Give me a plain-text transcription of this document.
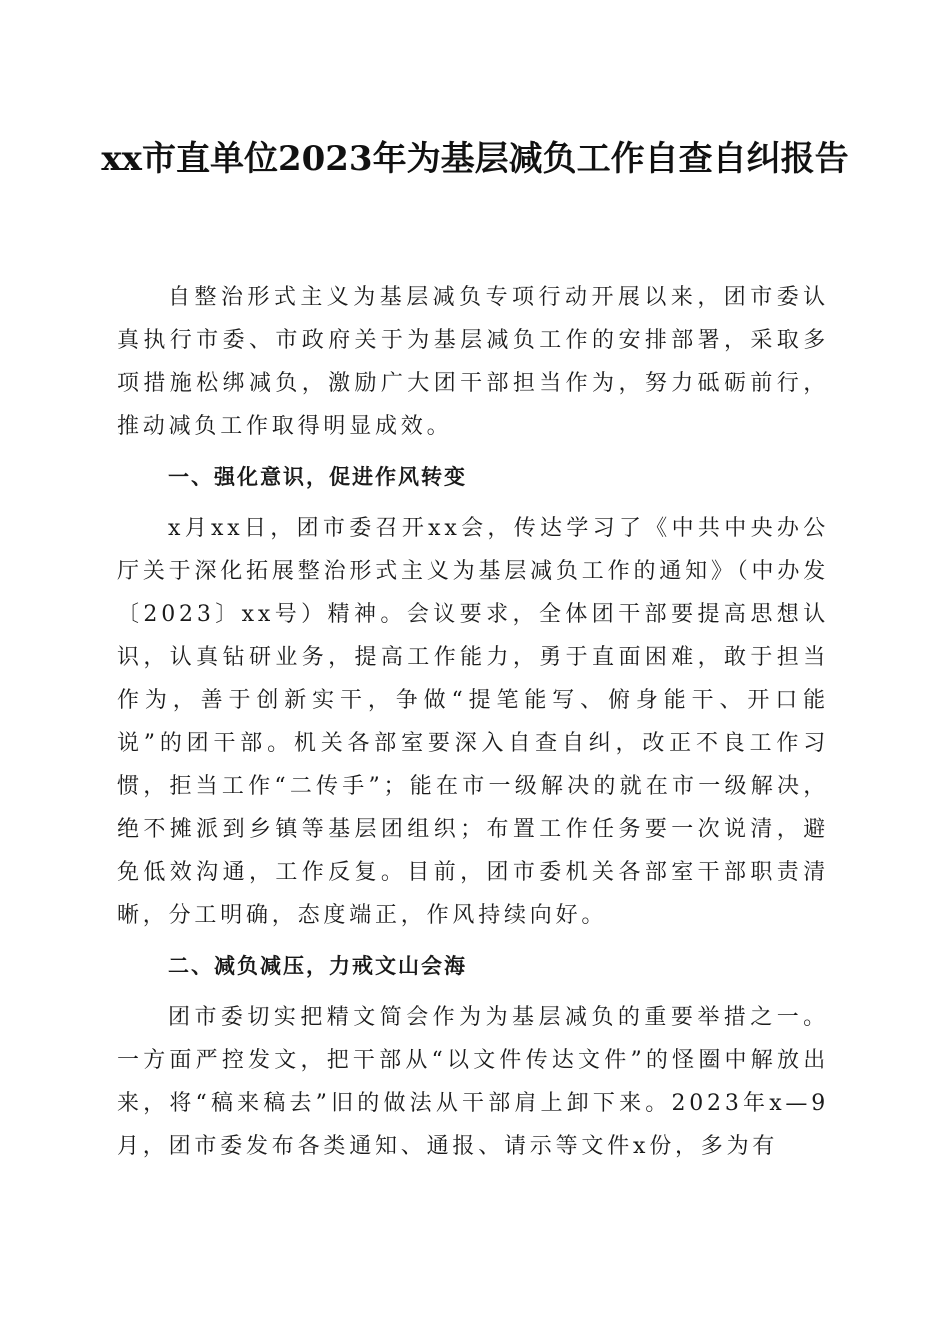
xx市直单位2023年为基层减负工作自查自纠报告

自整治形式主义为基层减负专项行动开展以来，团市委认真执行市委、市政府关于为基层减负工作的安排部署，采取多项措施松绑减负，激励广大团干部担当作为，努力砥砺前行，推动减负工作取得明显成效。

一、强化意识，促进作风转变

x月xx日，团市委召开xx会，传达学习了《中共中央办公厅关于深化拓展整治形式主义为基层减负工作的通知》（中办发〔2023〕xx号）精神。会议要求，全体团干部要提高思想认识，认真钻研业务，提高工作能力，勇于直面困难，敢于担当作为，善于创新实干，争做“提笔能写、俯身能干、开口能说”的团干部。机关各部室要深入自查自纠，改正不良工作习惯，拒当工作“二传手”；能在市一级解决的就在市一级解决，绝不摊派到乡镇等基层团组织；布置工作任务要一次说清，避免低效沟通，工作反复。目前，团市委机关各部室干部职责清晰，分工明确，态度端正，作风持续向好。

二、减负减压，力戒文山会海

团市委切实把精文简会作为为基层减负的重要举措之一。一方面严控发文，把干部从“以文件传达文件”的怪圈中解放出来，将“稿来稿去”旧的做法从干部肩上卸下来。2023年x—9月，团市委发布各类通知、通报、请示等文件x份，多为有
